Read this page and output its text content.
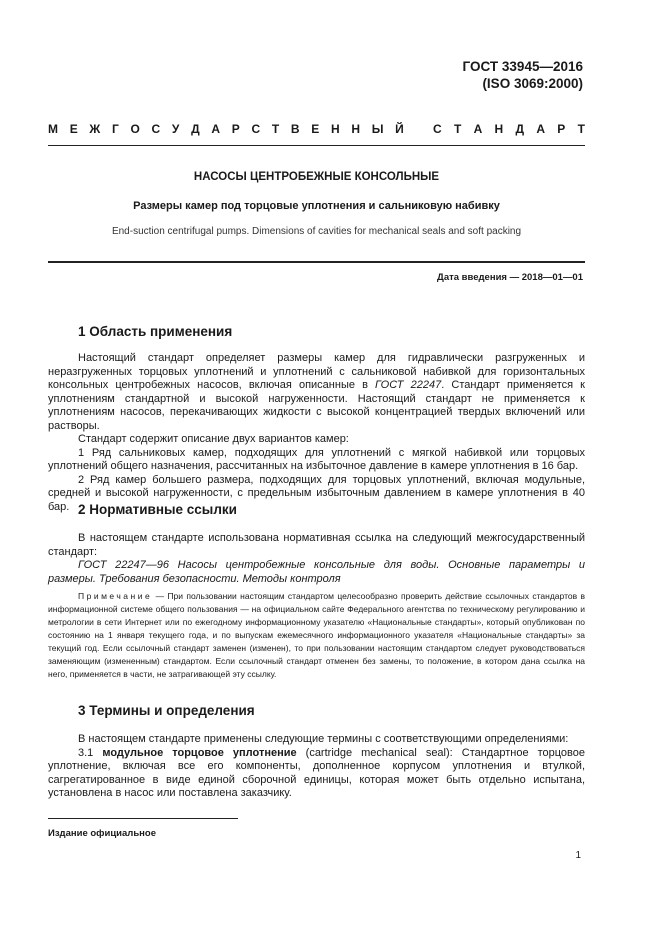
ГОСТ 33945—2016
(ISO 3069:2000)
М Е Ж Г О С У Д А Р С Т В Е Н Н Ы Й С Т А Н Д А Р Т
НАСОСЫ ЦЕНТРОБЕЖНЫЕ КОНСОЛЬНЫЕ
Размеры камер под торцовые уплотнения и сальниковую набивку
End-suction centrifugal pumps. Dimensions of cavities for mechanical seals and soft packing
Дата введения — 2018—01—01
1 Область применения

Настоящий стандарт определяет размеры камер для гидравлически разгруженных и неразгруженных торцовых уплотнений и уплотнений с сальниковой набивкой для горизонтальных консольных центробежных насосов, включая описанные в ГОСТ 22247. Стандарт применяется к уплотнениям стандартной и высокой нагруженности. Настоящий стандарт не применяется к уплотнениям насосов, перекачивающих жидкости с высокой концентрацией твердых включений или растворы.

Стандарт содержит описание двух вариантов камер:

1 Ряд сальниковых камер, подходящих для уплотнений с мягкой набивкой или торцовых уплотнений общего назначения, рассчитанных на избыточное давление в камере уплотнения в 16 бар.

2 Ряд камер большего размера, подходящих для торцовых уплотнений, включая модульные, средней и высокой нагруженности, с предельным избыточным давлением в камере уплотнения в 40 бар. 2 Нормативные ссылки

В настоящем стандарте использована нормативная ссылка на следующий межгосударственный стандарт:

ГОСТ 22247—96 Насосы центробежные консольные для воды. Основные параметры и размеры. Требования безопасности. Методы контроля

Примечание — При пользовании настоящим стандартом целесообразно проверить действие ссылочных стандартов в информационной системе общего пользования — на официальном сайте Федерального агентства по техническому регулированию и метрологии в сети Интернет или по ежегодному информационному указателю «Национальные стандарты», который опубликован по состоянию на 1 января текущего года, и по выпускам ежемесячного информационного указателя «Национальные стандарты» за текущий год. Если ссылочный стандарт заменен (изменен), то при пользовании настоящим стандартом следует руководствоваться заменяющим (измененным) стандартом. Если ссылочный стандарт отменен без замены, то положение, в котором дана ссылка на него, применяется в части, не затрагивающей эту ссылку.

3 Термины и определения

В настоящем стандарте применены следующие термины с соответствующими определениями:

3.1 модульное торцовое уплотнение (cartridge mechanical seal): Стандартное торцовое уплотнение, включая все его компоненты, дополненное корпусом уплотнения и втулкой, сагрегатированное в виде единой сборочной единицы, которая может быть отдельно испытана, установлена в насос или поставлена заказчику.

Издание официальное
1
